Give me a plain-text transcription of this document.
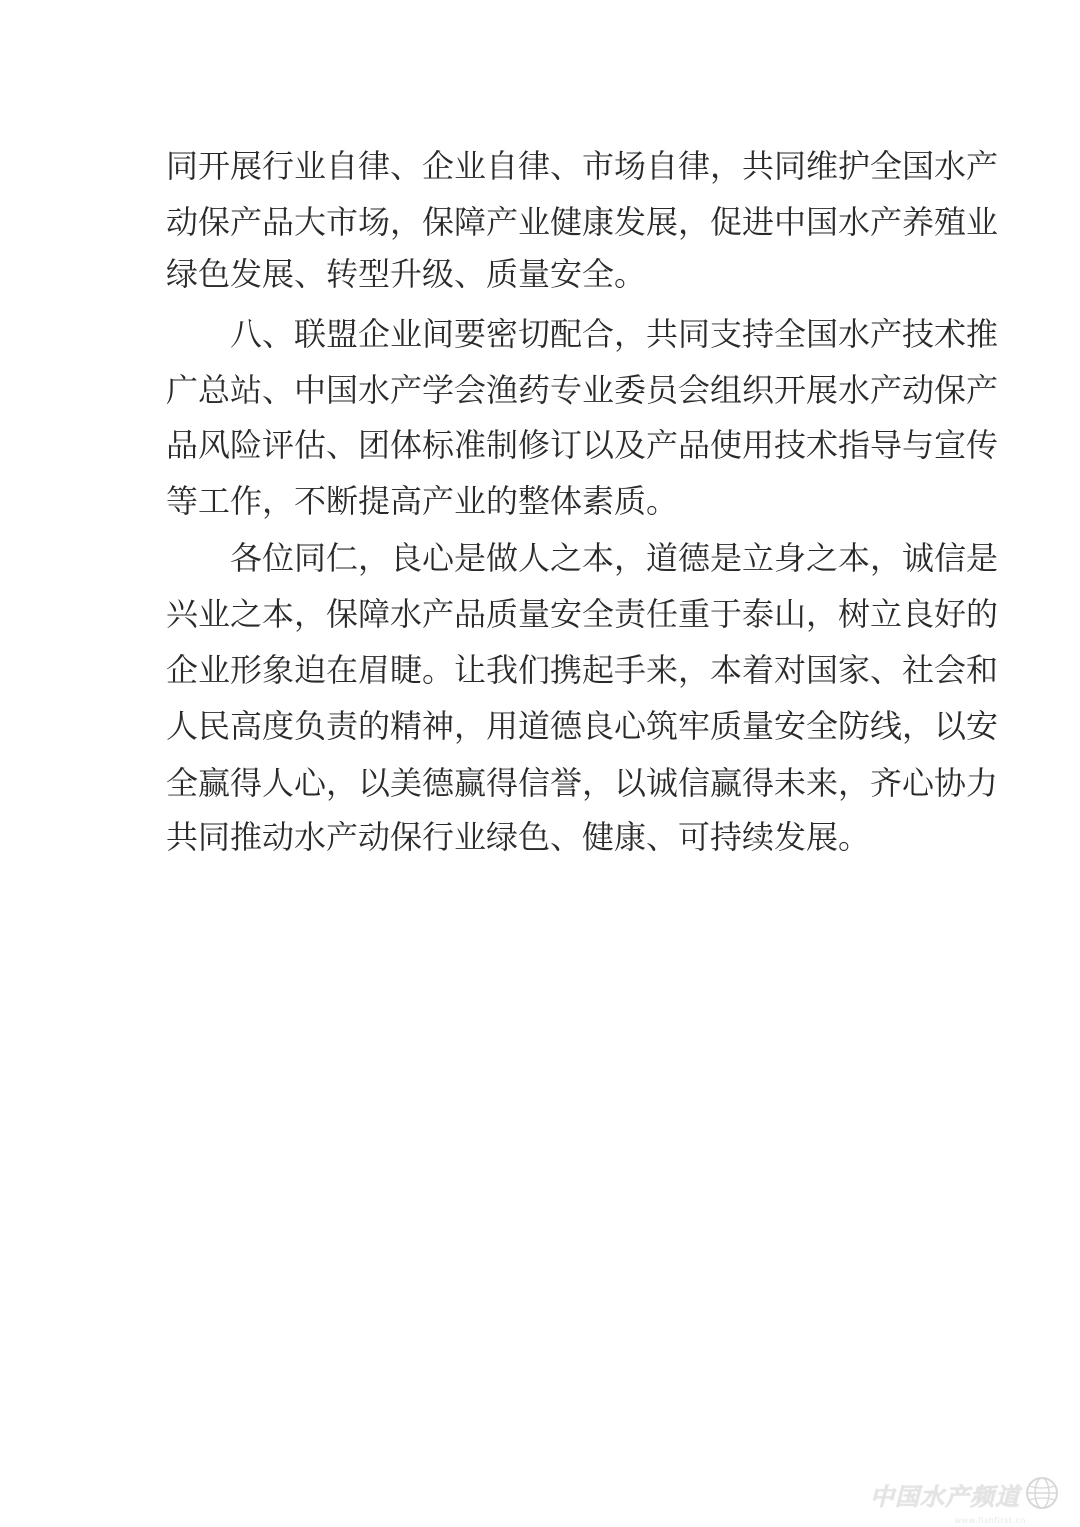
同开展行业自律、企业自律、市场自律，共同维护全国水产
动保产品大市场，保障产业健康发展，促进中国水产养殖业
绿色发展、转型升级、质量安全。
八、联盟企业间要密切配合，共同支持全国水产技术推
广总站、中国水产学会渔药专业委员会组织开展水产动保产
品风险评估、团体标准制修订以及产品使用技术指导与宣传
等工作，不断提高产业的整体素质。
各位同仁，良心是做人之本，道德是立身之本，诚信是
兴业之本，保障水产品质量安全责任重于泰山，树立良好的
企业形象迫在眉睫。让我们携起手来，本着对国家、社会和
人民高度负责的精神，用道德良心筑牢质量安全防线，以安
全赢得人心，以美德赢得信誉，以诚信赢得未来，齐心协力
共同推动水产动保行业绿色、健康、可持续发展。
中国水产频道
www.fishfirst.cn
